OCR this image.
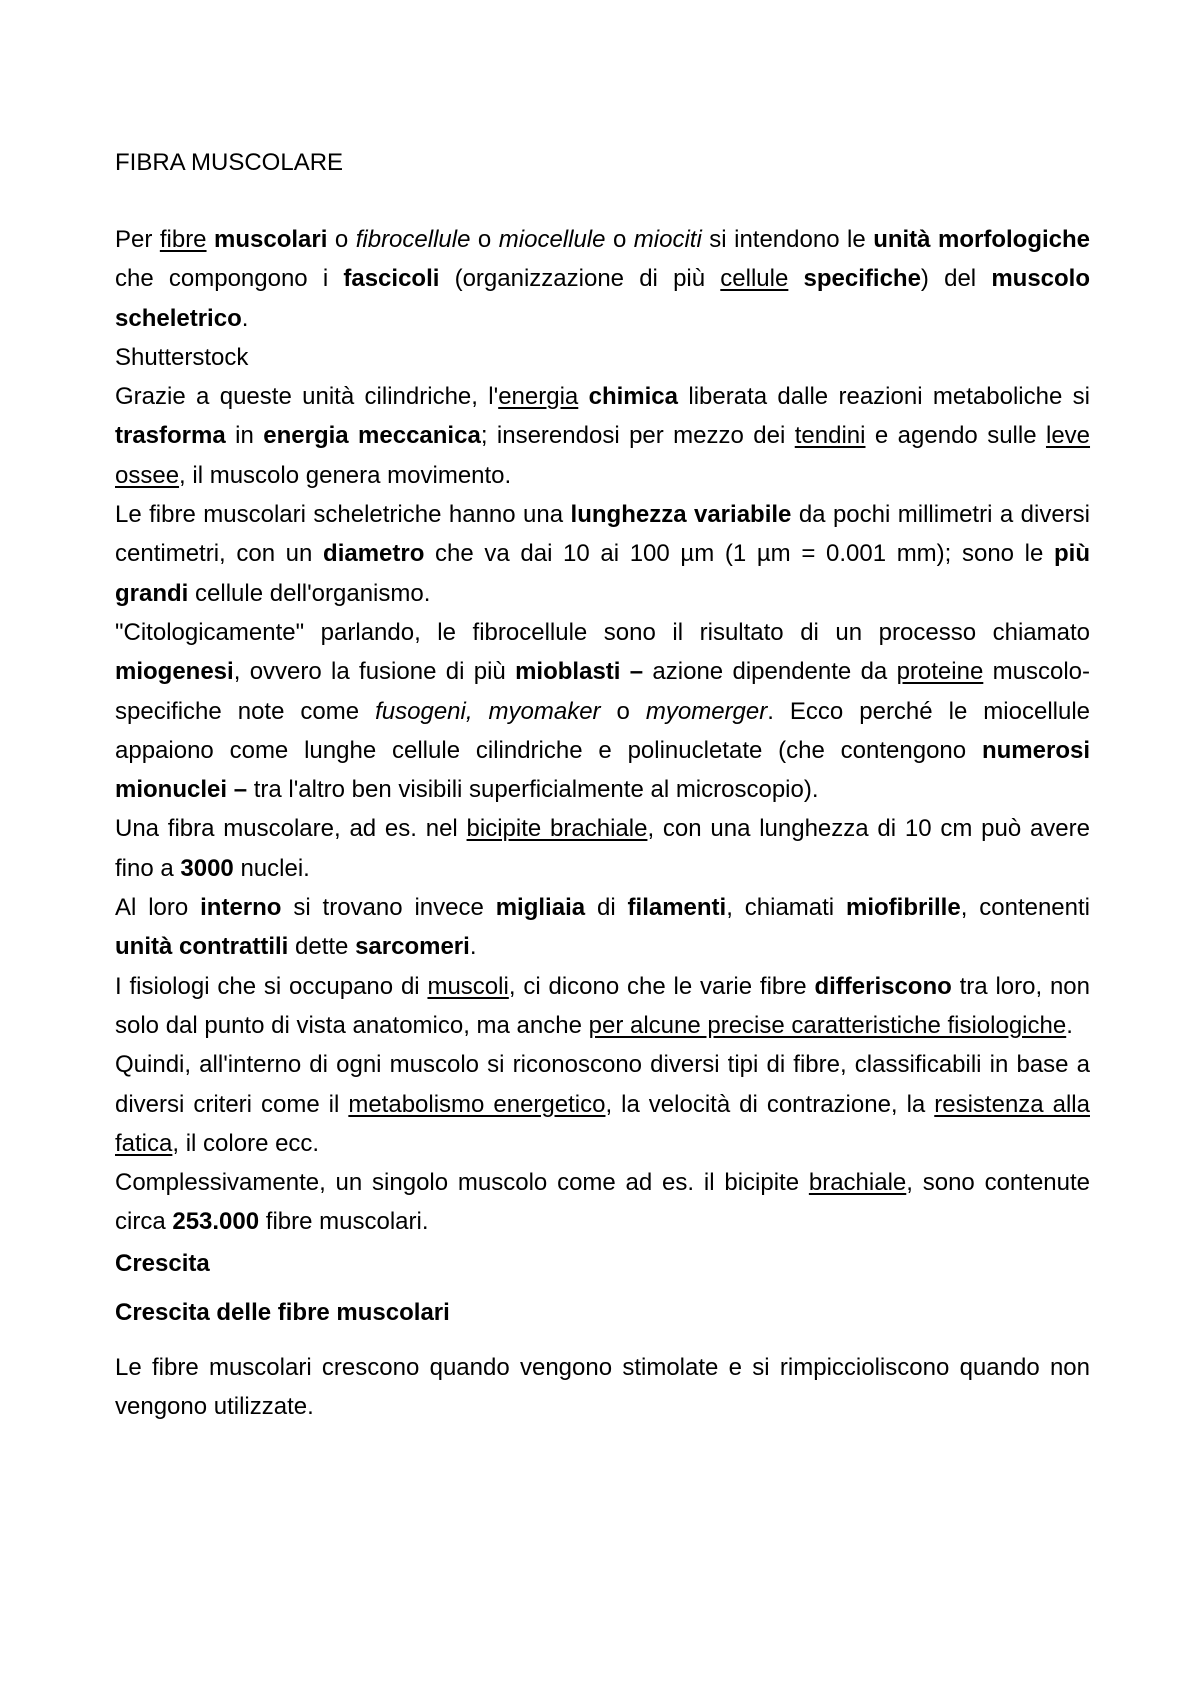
FIBRA MUSCOLARE

Per fibre muscolari o fibrocellule o miocellule o miociti si intendono le unità morfologiche che compongono i fascicoli (organizzazione di più cellule specifiche) del muscolo scheletrico.

Shutterstock

Grazie a queste unità cilindriche, l'energia chimica liberata dalle reazioni metaboliche si trasforma in energia meccanica; inserendosi per mezzo dei tendini e agendo sulle leve ossee, il muscolo genera movimento.

Le fibre muscolari scheletriche hanno una lunghezza variabile da pochi millimetri a diversi centimetri, con un diametro che va dai 10 ai 100 µm (1 µm = 0.001 mm); sono le più grandi cellule dell'organismo.

"Citologicamente" parlando, le fibrocellule sono il risultato di un processo chiamato miogenesi, ovvero la fusione di più mioblasti – azione dipendente da proteine muscolo-specifiche note come fusogeni, myomaker o myomerger. Ecco perché le miocellule appaiono come lunghe cellule cilindriche e polinucletate (che contengono numerosi mionuclei – tra l'altro ben visibili superficialmente al microscopio).

Una fibra muscolare, ad es. nel bicipite brachiale, con una lunghezza di 10 cm può avere fino a 3000 nuclei.

Al loro interno si trovano invece migliaia di filamenti, chiamati miofibrille, contenenti unità contrattili dette sarcomeri.

I fisiologi che si occupano di muscoli, ci dicono che le varie fibre differiscono tra loro, non solo dal punto di vista anatomico, ma anche per alcune precise caratteristiche fisiologiche.

Quindi, all'interno di ogni muscolo si riconoscono diversi tipi di fibre, classificabili in base a diversi criteri come il metabolismo energetico, la velocità di contrazione, la resistenza alla fatica, il colore ecc.

Complessivamente, un singolo muscolo come ad es. il bicipite brachiale, sono contenute circa 253.000 fibre muscolari.

Crescita

Crescita delle fibre muscolari

Le fibre muscolari crescono quando vengono stimolate e si rimpiccioliscono quando non vengono utilizzate.
